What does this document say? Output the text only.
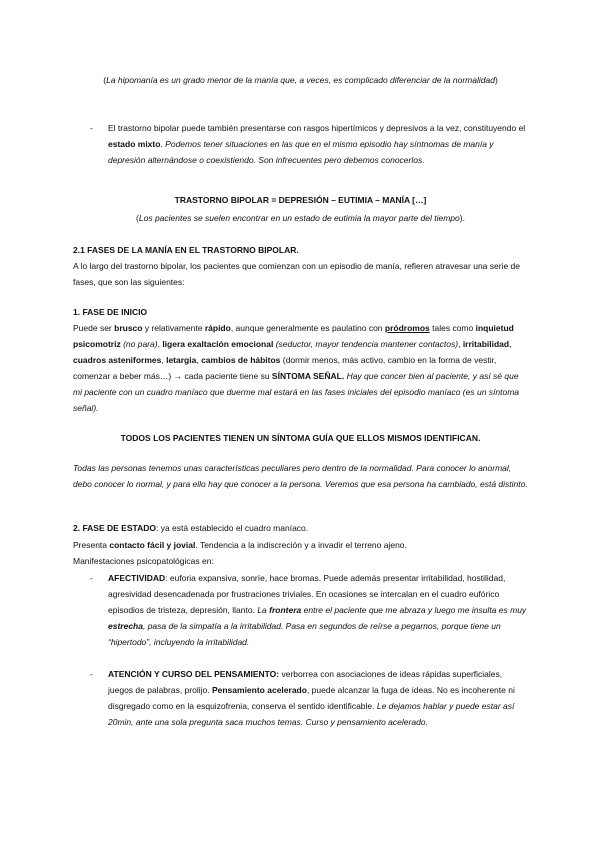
(La hipomanía es un grado menor de la manía que, a veces, es complicado diferenciar de la normalidad)

- El trastorno bipolar puede también presentarse con rasgos hipertímicos y depresivos a la vez, constituyendo el estado mixto. Podemos tener situaciones en las que en el mismo episodio hay síntnomas de manía y depresión alternándose o coexistiendo. Son infrecuentes pero debemos conocerlos.

TRASTORNO BIPOLAR = DEPRESIÓN – EUTIMIA – MANÍA […]

(Los pacientes se suelen encontrar en un estado de eutimia la mayor parte del tiempo).

2.1 FASES DE LA MANÍA EN EL TRASTORNO BIPOLAR.

A lo largo del trastorno bipolar, los pacientes que comienzan con un episodio de manía, refieren atravesar una serie de fases, que son las siguientes:

1. FASE DE INICIO

Puede ser brusco y relativamente rápido, aunque generalmente es paulatino con pródromos tales como inquietud psicomotriz (no para), ligera exaltación emocional (seductor, mayor tendencia mantener contactos), irritabilidad, cuadros asteniformes, letargia, cambios de hábitos (dormir menos, más activo, cambio en la forma de vestir, comenzar a beber más…) → cada paciente tiene su SÍNTOMA SEÑAL. Hay que concer bien al paciente, y así sé que mi paciente con un cuadro maníaco que duerme mal estará en las fases iniciales del episodio maníaco (es un síntoma señal).

TODOS LOS PACIENTES TIENEN UN SÍNTOMA GUÍA QUE ELLOS MISMOS IDENTIFICAN.

Todas las personas tenemos unas características peculiares pero dentro de la normalidad. Para conocer lo anormal, debo conocer lo normal, y para ello hay que conocer a la persona. Veremos que esa persona ha cambiado, está distinto.

2. FASE DE ESTADO: ya está establecido el cuadro maníaco.

Presenta contacto fácil y jovial. Tendencia a la indiscreción y a invadir el terreno ajeno.

Manifestaciones psicopatológicas en:

- AFECTIVIDAD: euforia expansiva, sonríe, hace bromas. Puede además presentar irritabilidad, hostilidad, agresividad desencadenada por frustraciones triviales. En ocasiones se intercalan en el cuadro eufórico episodios de tristeza, depresión, llanto. La frontera entre el paciente que me abraza y luego me insulta es muy estrecha, pasa de la simpatía a la irritabilidad. Pasa en segundos de reírse a pegarnos, porque tiene un “hipertodo”, incluyendo la irritabilidad.

- ATENCIÓN Y CURSO DEL PENSAMIENTO: verborrea con asociaciones de ideas rápidas superficiales, juegos de palabras, prolijo. Pensamiento acelerado, puede alcanzar la fuga de ideas. No es incoherente ni disgregado como en la esquizofrenia, conserva el sentido identificable. Le dejamos hablar y puede estar así 20min, ante una sola pregunta saca muchos temas. Curso y pensamiento acelerado.
